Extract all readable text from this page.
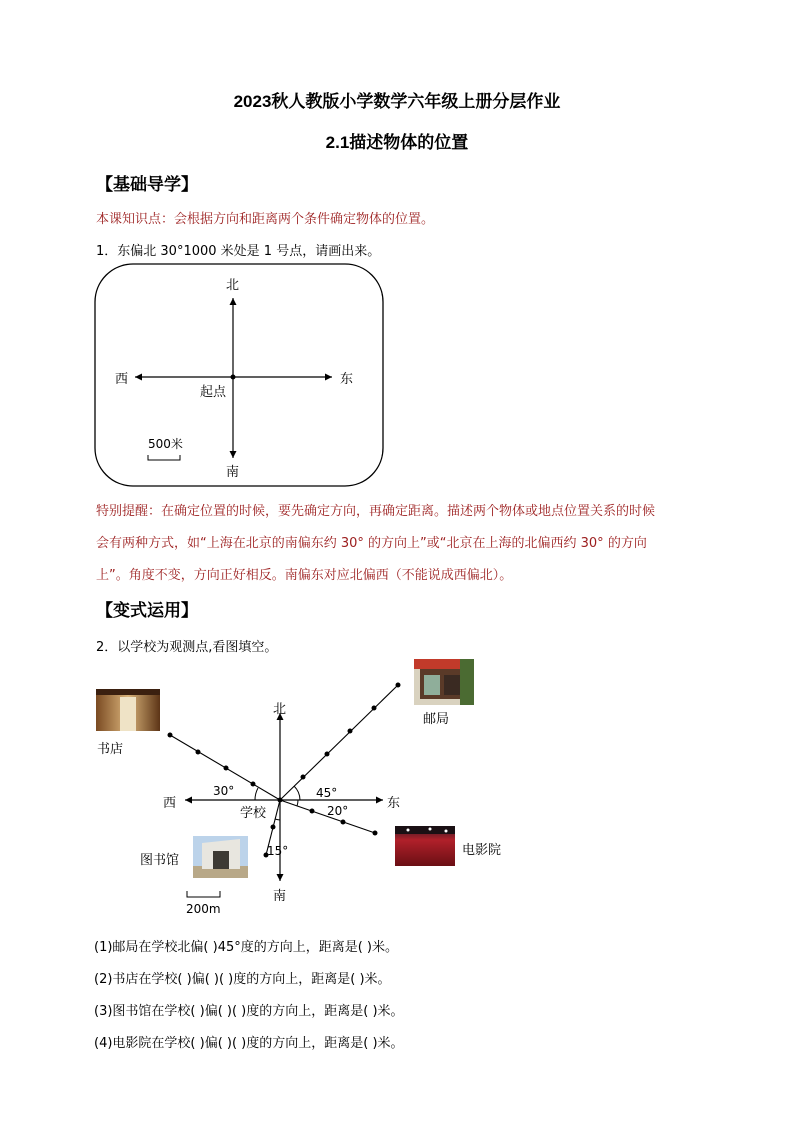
2023秋人教版小学数学六年级上册分层作业
2.1描述物体的位置
【基础导学】
本课知识点：会根据方向和距离两个条件确定物体的位置。
1．东偏北 30°1000 米处是 1 号点，请画出来。
北
南
东
西
起点
500米
特别提醒：在确定位置的时候，要先确定方向，再确定距离。描述两个物体或地点位置关系的时候
会有两种方式，如“上海在北京的南偏东约 30° 的方向上”或“北京在上海的北偏西约 30° 的方向
上”。角度不变，方向正好相反。南偏东对应北偏西（不能说成西偏北）。
【变式运用】
2．以学校为观测点,看图填空。
北
南
东
西
学校
45°
30°
20°
15°
邮局
书店
图书馆
电影院
200m
(1)邮局在学校北偏( )45°度的方向上，距离是( )米。
(2)书店在学校( )偏( )( )度的方向上，距离是( )米。
(3)图书馆在学校( )偏( )( )度的方向上，距离是( )米。
(4)电影院在学校( )偏( )( )度的方向上，距离是( )米。
